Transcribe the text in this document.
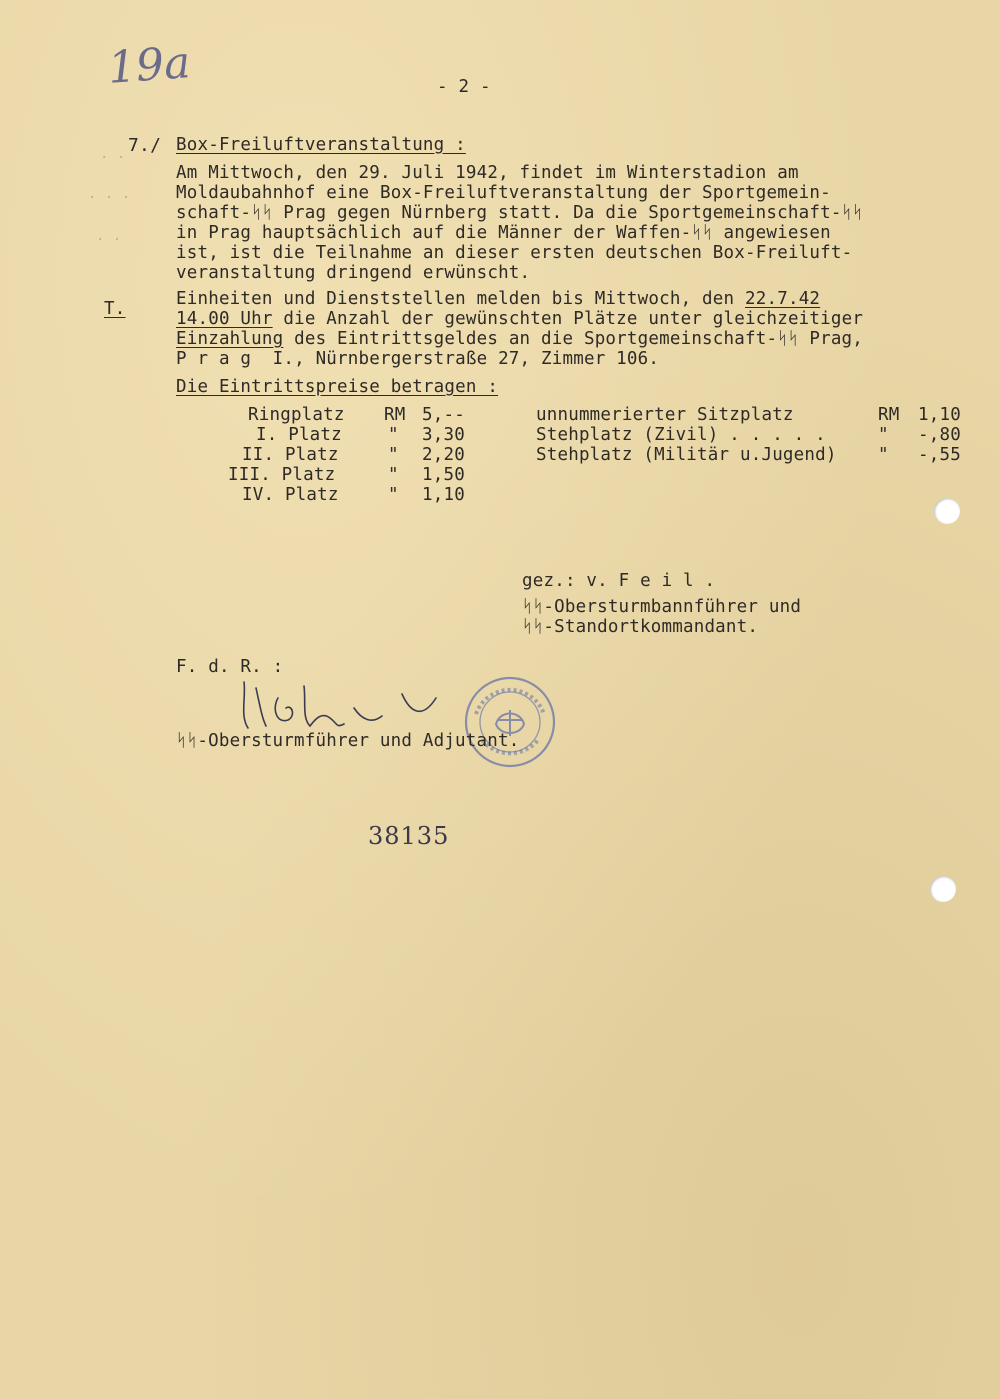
19a
· ·
· · ·
· ·
- 2 -
7./ Box-Freiluftveranstaltung :
Am Mittwoch, den 29. Juli 1942, findet im Winterstadion am
Moldaubahnhof eine Box-Freiluftveranstaltung der Sportgemein-
schaft-ᛋᛋ Prag gegen Nürnberg statt. Da die Sportgemeinschaft-ᛋᛋ
in Prag hauptsächlich auf die Männer der Waffen-ᛋᛋ angewiesen
ist, ist die Teilnahme an dieser ersten deutschen Box-Freiluft-
veranstaltung dringend erwünscht.
T.	Einheiten und Dienststellen melden bis Mittwoch, den 22.7.42
14.00 Uhr die Anzahl der gewünschten Plätze unter gleichzeitiger
Einzahlung des Eintrittsgeldes an die Sportgemeinschaft-ᛋᛋ Prag,
P r a g  I., Nürnbergerstraße 27, Zimmer 106.
Die Eintrittspreise betragen :
Ringplatz RM 5,--
I. Platz	" 3,30
II. Platz	" 2,20
III. Platz	" 1,50
IV. Platz	" 1,10
unnummerierter Sitzplatz	RM 1,10
Stehplatz (Zivil) . . . . .	" -,80
Stehplatz (Militär u.Jugend) " -,55
gez.: v. F e i l .
ᛋᛋ-Obersturmbannführer und
ᛋᛋ-Standortkommandant.
F. d. R. :
ᛋᛋ-Obersturmführer und Adjutant.
38135
